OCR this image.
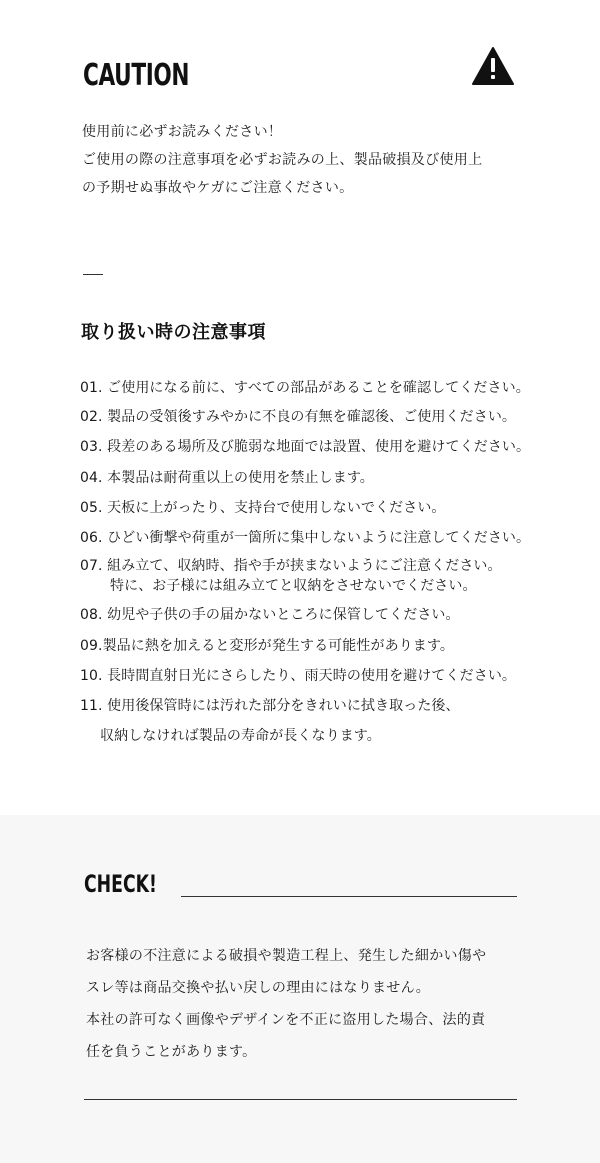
CAUTION
使用前に必ずお読みください！
ご使用の際の注意事項を必ずお読みの上、製品破損及び使用上
の予期せぬ事故やケガにご注意ください。
取り扱い時の注意事項
01. ご使用になる前に、すべての部品があることを確認してください。
02. 製品の受領後すみやかに不良の有無を確認後、ご使用ください。
03. 段差のある場所及び脆弱な地面では設置、使用を避けてください。
04. 本製品は耐荷重以上の使用を禁止します。
05. 天板に上がったり、支持台で使用しないでください。
06. ひどい衝撃や荷重が一箇所に集中しないように注意してください。
07. 組み立て、収納時、指や手が挟まないようにご注意ください。
特に、お子様には組み立てと収納をさせないでください。
08. 幼児や子供の手の届かないところに保管してください。
09.製品に熱を加えると変形が発生する可能性があります。
10. 長時間直射日光にさらしたり、雨天時の使用を避けてください。
11. 使用後保管時には汚れた部分をきれいに拭き取った後、
収納しなければ製品の寿命が長くなります。
CHECK!
お客様の不注意による破損や製造工程上、発生した細かい傷や
スレ等は商品交換や払い戻しの理由にはなりません。
本社の許可なく画像やデザインを不正に盗用した場合、法的責
任を負うことがあります。
